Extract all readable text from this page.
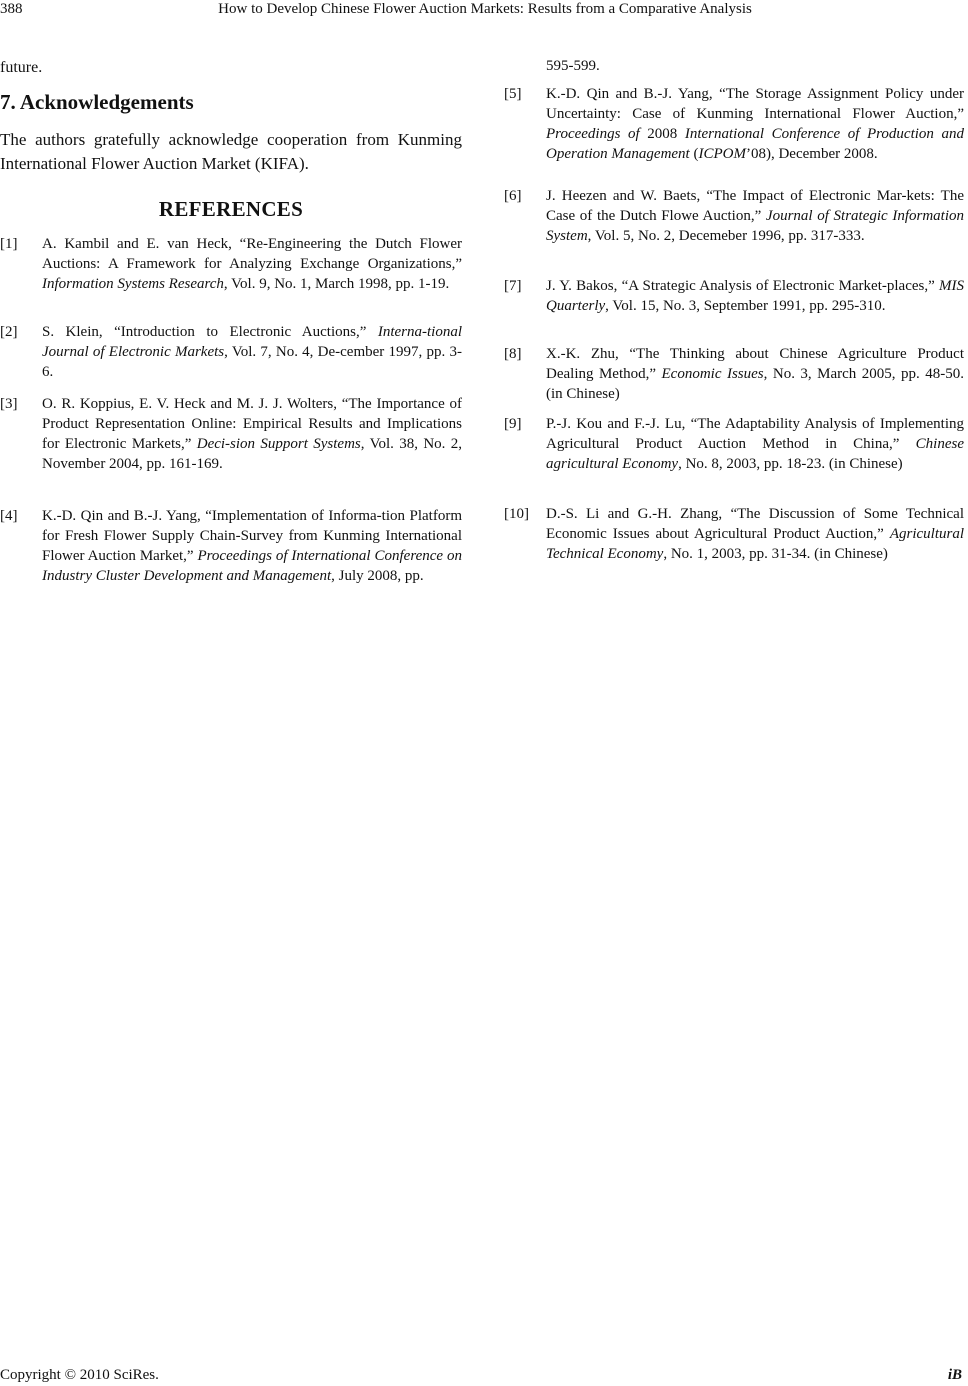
388	How to Develop Chinese Flower Auction Markets: Results from a Comparative Analysis
future.
7. Acknowledgements

The authors gratefully acknowledge cooperation from Kunming International Flower Auction Market (KIFA).

REFERENCES
[1] A. Kambil and E. van Heck, “Re-Engineering the Dutch Flower Auctions: A Framework for Analyzing Exchange Organizations,” Information Systems Research, Vol. 9, No. 1, March 1998, pp. 1-19.
[2] S. Klein, “Introduction to Electronic Auctions,” Interna-tional Journal of Electronic Markets, Vol. 7, No. 4, De-cember 1997, pp. 3-6.
[3] O. R. Koppius, E. V. Heck and M. J. J. Wolters, “The Importance of Product Representation Online: Empirical Results and Implications for Electronic Markets,” Deci-sion Support Systems, Vol. 38, No. 2, November 2004, pp. 161-169.
[4] K.-D. Qin and B.-J. Yang, “Implementation of Informa-tion Platform for Fresh Flower Supply Chain-Survey from Kunming International Flower Auction Market,” Proceedings of International Conference on Industry Cluster Development and Management, July 2008, pp.
595-599.
[5] K.-D. Qin and B.-J. Yang, “The Storage Assignment Policy under Uncertainty: Case of Kunming International Flower Auction,” Proceedings of 2008 International Conference of Production and Operation Management (ICPOM’08), December 2008.
[6] J. Heezen and W. Baets, “The Impact of Electronic Mar-kets: The Case of the Dutch Flowe Auction,” Journal of Strategic Information System, Vol. 5, No. 2, Decemeber 1996, pp. 317-333.
[7] J. Y. Bakos, “A Strategic Analysis of Electronic Market-places,” MIS Quarterly, Vol. 15, No. 3, September 1991, pp. 295-310.
[8] X.-K. Zhu, “The Thinking about Chinese Agriculture Product Dealing Method,” Economic Issues, No. 3, March 2005, pp. 48-50. (in Chinese)
[9] P.-J. Kou and F.-J. Lu, “The Adaptability Analysis of Implementing Agricultural Product Auction Method in China,” Chinese agricultural Economy, No. 8, 2003, pp. 18-23. (in Chinese)
[10] D.-S. Li and G.-H. Zhang, “The Discussion of Some Technical Economic Issues about Agricultural Product Auction,” Agricultural Technical Economy, No. 1, 2003, pp. 31-34. (in Chinese)
Copyright © 2010 SciRes.	iB
